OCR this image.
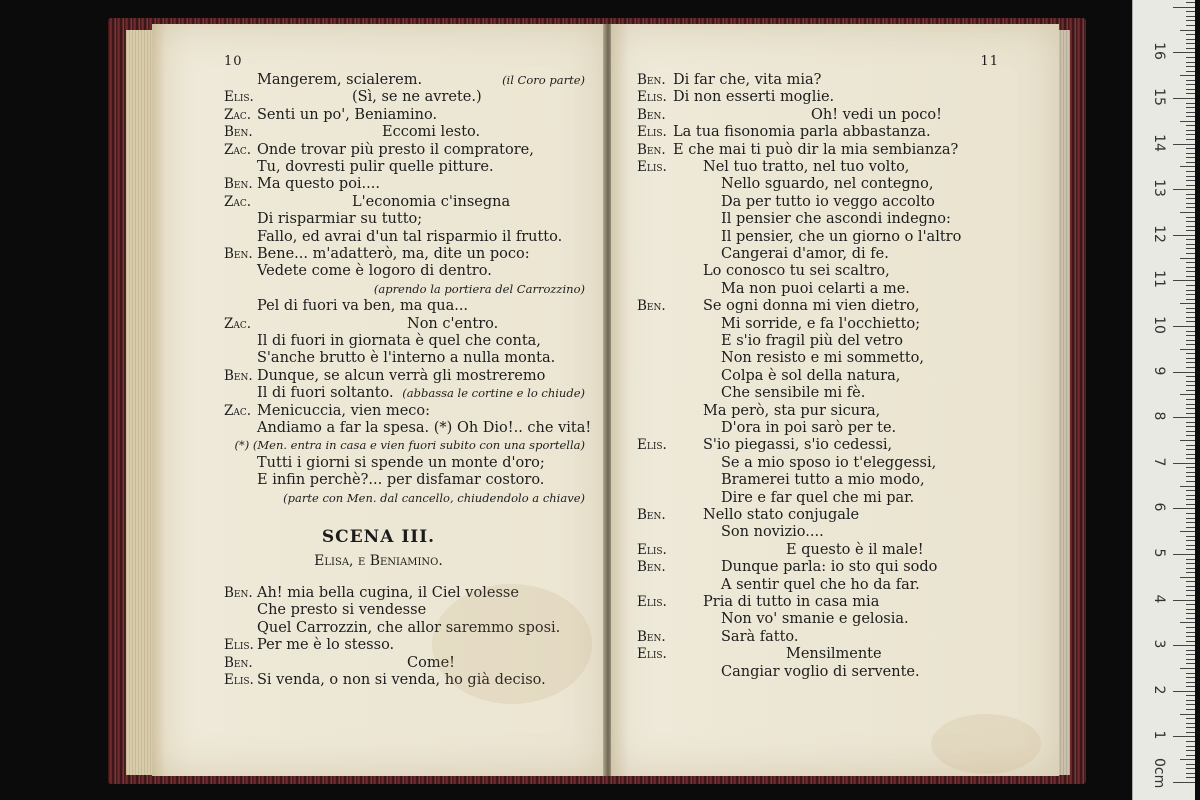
10
Mangerem, scialerem.	(il Coro parte)
Elis.	(Sì, se ne avrete.)
Zac. Senti un po', Beniamino.
Ben.	Eccomi lesto.
Zac. Onde trovar più presto il compratore,
Tu, dovresti pulir quelle pitture.
Ben. Ma questo poi....
Zac.	L'economia c'insegna
Di risparmiar su tutto;
Fallo, ed avrai d'un tal risparmio il frutto.
Ben. Bene... m'adatterò, ma, dite un poco:
Vedete come è logoro di dentro.
(aprendo la portiera del Carrozzino)
Pel di fuori va ben, ma qua...
Zac.	Non c'entro.
Il di fuori in giornata è quel che conta,
S'anche brutto è l'interno a nulla monta.
Ben. Dunque, se alcun verrà gli mostreremo
Il di fuori soltanto. (abbassa le cortine e lo chiude)
Zac. Menicuccia, vien meco:
Andiamo a far la spesa. (*) Oh Dio!.. che vita!
(*) (Men. entra in casa e vien fuori subito con una sportella)
Tutti i giorni si spende un monte d'oro;
E infin perchè?... per disfamar costoro.
(parte con Men. dal cancello, chiudendolo a chiave)
SCENA III.
Elisa, e Beniamino.
Ben. Ah! mia bella cugina, il Ciel volesse
Che presto si vendesse
Quel Carrozzin, che allor saremmo sposi.
Elis. Per me è lo stesso.
Ben.	Come!
Elis. Si venda, o non si venda, ho già deciso.
11
Ben. Di far che, vita mia?
Elis. Di non esserti moglie.
Ben.	Oh! vedi un poco!
Elis. La tua fisonomia parla abbastanza.
Ben. E che mai ti può dir la mia sembianza?
Elis. Nel tuo tratto, nel tuo volto,
Nello sguardo, nel contegno,
Da per tutto io veggo accolto
Il pensier che ascondi indegno:
Il pensier, che un giorno o l'altro
Cangerai d'amor, di fe.
Lo conosco tu sei scaltro,
Ma non puoi celarti a me.
Ben.	Se ogni donna mi vien dietro,
Mi sorride, e fa l'occhietto;
E s'io fragil più del vetro
Non resisto e mi sommetto,
Colpa è sol della natura,
Che sensibile mi fè.
Ma però, sta pur sicura,
D'ora in poi sarò per te.
Elis. S'io piegassi, s'io cedessi,
Se a mio sposo io t'eleggessi,
Bramerei tutto a mio modo,
Dire e far quel che mi par.
Ben.	Nello stato conjugale
Son novizio....
Elis.	E questo è il male!
Ben.	Dunque parla: io sto qui sodo
A sentir quel che ho da far.
Elis. Pria di tutto in casa mia
Non vo' smanie e gelosia.
Ben.	Sarà fatto.
Elis.	Mensilmente
Cangiar voglio di servente.
0cm
1
2
3
4
5
6
7
8
9
10
11
12
13
14
15
16
